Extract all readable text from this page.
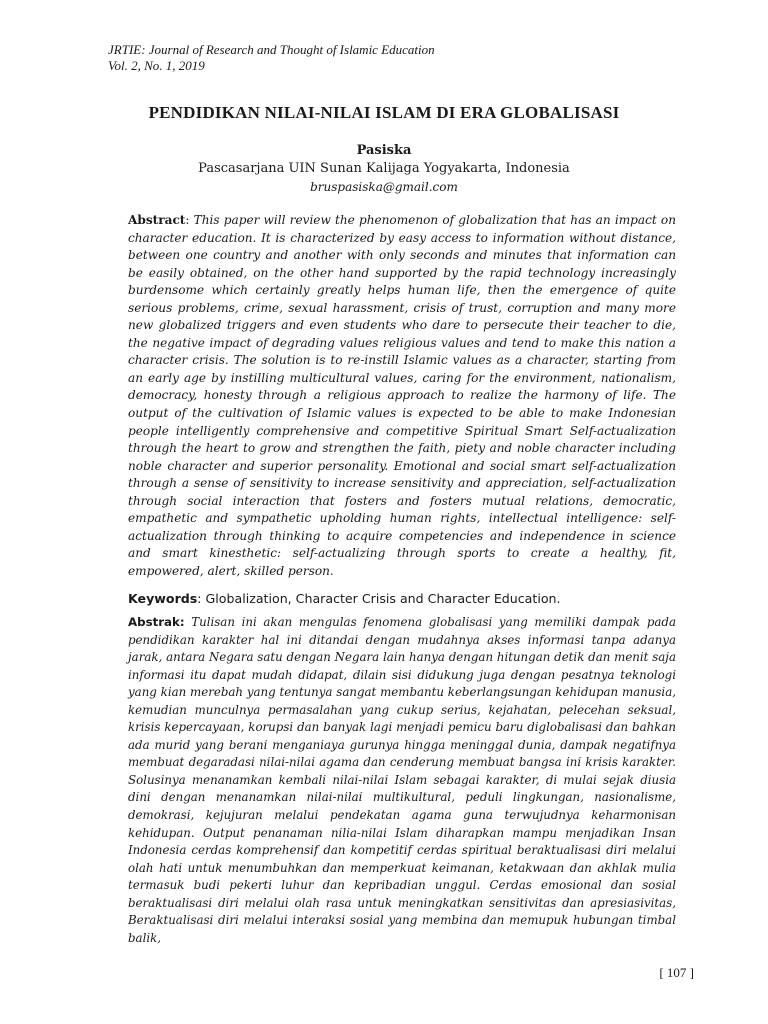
JRTIE: Journal of Research and Thought of Islamic Education
Vol. 2, No. 1, 2019
PENDIDIKAN NILAI-NILAI ISLAM DI ERA GLOBALISASI
Pasiska
Pascasarjana UIN Sunan Kalijaga Yogyakarta, Indonesia
bruspasiska@gmail.com
Abstract: This paper will review the phenomenon of globalization that has an impact on character education. It is characterized by easy access to information without distance, between one country and another with only seconds and minutes that information can be easily obtained, on the other hand supported by the rapid technology increasingly burdensome which certainly greatly helps human life, then the emergence of quite serious problems, crime, sexual harassment, crisis of trust, corruption and many more new globalized triggers and even students who dare to persecute their teacher to die, the negative impact of degrading values religious values and tend to make this nation a character crisis. The solution is to re-instill Islamic values as a character, starting from an early age by instilling multicultural values, caring for the environment, nationalism, democracy, honesty through a religious approach to realize the harmony of life. The output of the cultivation of Islamic values is expected to be able to make Indonesian people intelligently comprehensive and competitive Spiritual Smart Self-actualization through the heart to grow and strengthen the faith, piety and noble character including noble character and superior personality. Emotional and social smart self-actualization through a sense of sensitivity to increase sensitivity and appreciation, self-actualization through social interaction that fosters and fosters mutual relations, democratic, empathetic and sympathetic upholding human rights, intellectual intelligence: self-actualization through thinking to acquire competencies and independence in science and smart kinesthetic: self-actualizing through sports to create a healthy, fit, empowered, alert, skilled person.
Keywords: Globalization, Character Crisis and Character Education.
Abstrak: Tulisan ini akan mengulas fenomena globalisasi yang memiliki dampak pada pendidikan karakter hal ini ditandai dengan mudahnya akses informasi tanpa adanya jarak, antara Negara satu dengan Negara lain hanya dengan hitungan detik dan menit saja informasi itu dapat mudah didapat, dilain sisi didukung juga dengan pesatnya teknologi yang kian merebah yang tentunya sangat membantu keberlangsungan kehidupan manusia, kemudian munculnya permasalahan yang cukup serius, kejahatan, pelecehan seksual, krisis kepercayaan, korupsi dan banyak lagi menjadi pemicu baru diglobalisasi dan bahkan ada murid yang berani menganiaya gurunya hingga meninggal dunia, dampak negatifnya membuat degaradasi nilai-nilai agama dan cenderung membuat bangsa ini krisis karakter. Solusinya menanamkan kembali nilai-nilai Islam sebagai karakter, di mulai sejak diusia dini dengan menanamkan nilai-nilai multikultural, peduli lingkungan, nasionalisme, demokrasi, kejujuran melalui pendekatan agama guna terwujudnya keharmonisan kehidupan. Output penanaman nilia-nilai Islam diharapkan mampu menjadikan Insan Indonesia cerdas komprehensif dan kompetitif cerdas spiritual beraktualisasi diri melalui olah hati untuk menumbuhkan dan memperkuat keimanan, ketakwaan dan akhlak mulia termasuk budi pekerti luhur dan kepribadian unggul. Cerdas emosional dan sosial beraktualisasi diri melalui olah rasa untuk meningkatkan sensitivitas dan apresiasivitas, Beraktualisasi diri melalui interaksi sosial yang membina dan memupuk hubungan timbal balik,
[ 107 ]
